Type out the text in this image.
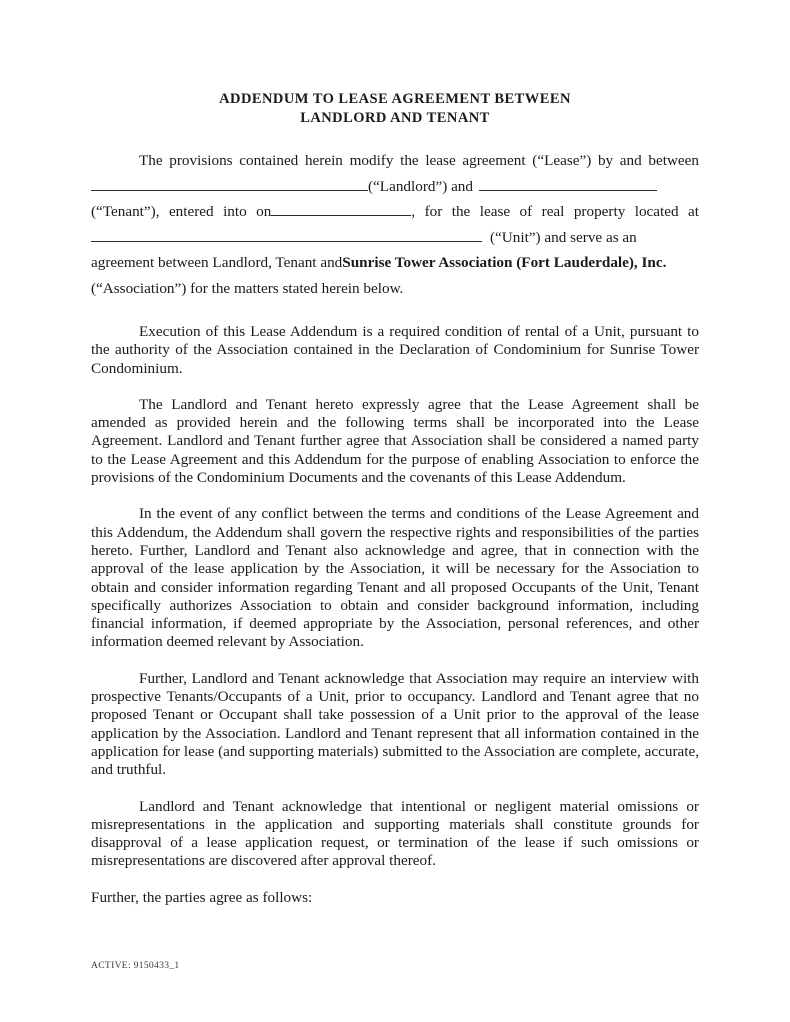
ADDENDUM TO LEASE AGREEMENT BETWEEN
LANDLORD AND TENANT
The provisions contained herein modify the lease agreement (“Lease”) by and between
(“Landlord”) and
(“Tenant”), entered into on	, for the lease of real property located at
(“Unit”) and serve as an
agreement between Landlord, Tenant and Sunrise Tower Association (Fort Lauderdale), Inc.
(“Association”) for the matters stated herein below.

Execution of this Lease Addendum is a required condition of rental of a Unit, pursuant to the authority of the Association contained in the Declaration of Condominium for Sunrise Tower Condominium.

The Landlord and Tenant hereto expressly agree that the Lease Agreement shall be amended as provided herein and the following terms shall be incorporated into the Lease Agreement. Landlord and Tenant further agree that Association shall be considered a named party to the Lease Agreement and this Addendum for the purpose of enabling Association to enforce the provisions of the Condominium Documents and the covenants of this Lease Addendum.

In the event of any conflict between the terms and conditions of the Lease Agreement and this Addendum, the Addendum shall govern the respective rights and responsibilities of the parties hereto. Further, Landlord and Tenant also acknowledge and agree, that in connection with the approval of the lease application by the Association, it will be necessary for the Association to obtain and consider information regarding Tenant and all proposed Occupants of the Unit, Tenant specifically authorizes Association to obtain and consider background information, including financial information, if deemed appropriate by the Association, personal references, and other information deemed relevant by Association.

Further, Landlord and Tenant acknowledge that Association may require an interview with prospective Tenants/Occupants of a Unit, prior to occupancy. Landlord and Tenant agree that no proposed Tenant or Occupant shall take possession of a Unit prior to the approval of the lease application by the Association. Landlord and Tenant represent that all information contained in the application for lease (and supporting materials) submitted to the Association are complete, accurate, and truthful.

Landlord and Tenant acknowledge that intentional or negligent material omissions or misrepresentations in the application and supporting materials shall constitute grounds for disapproval of a lease application request, or termination of the lease if such omissions or misrepresentations are discovered after approval thereof.

Further, the parties agree as follows:

ACTIVE: 9150433_1
